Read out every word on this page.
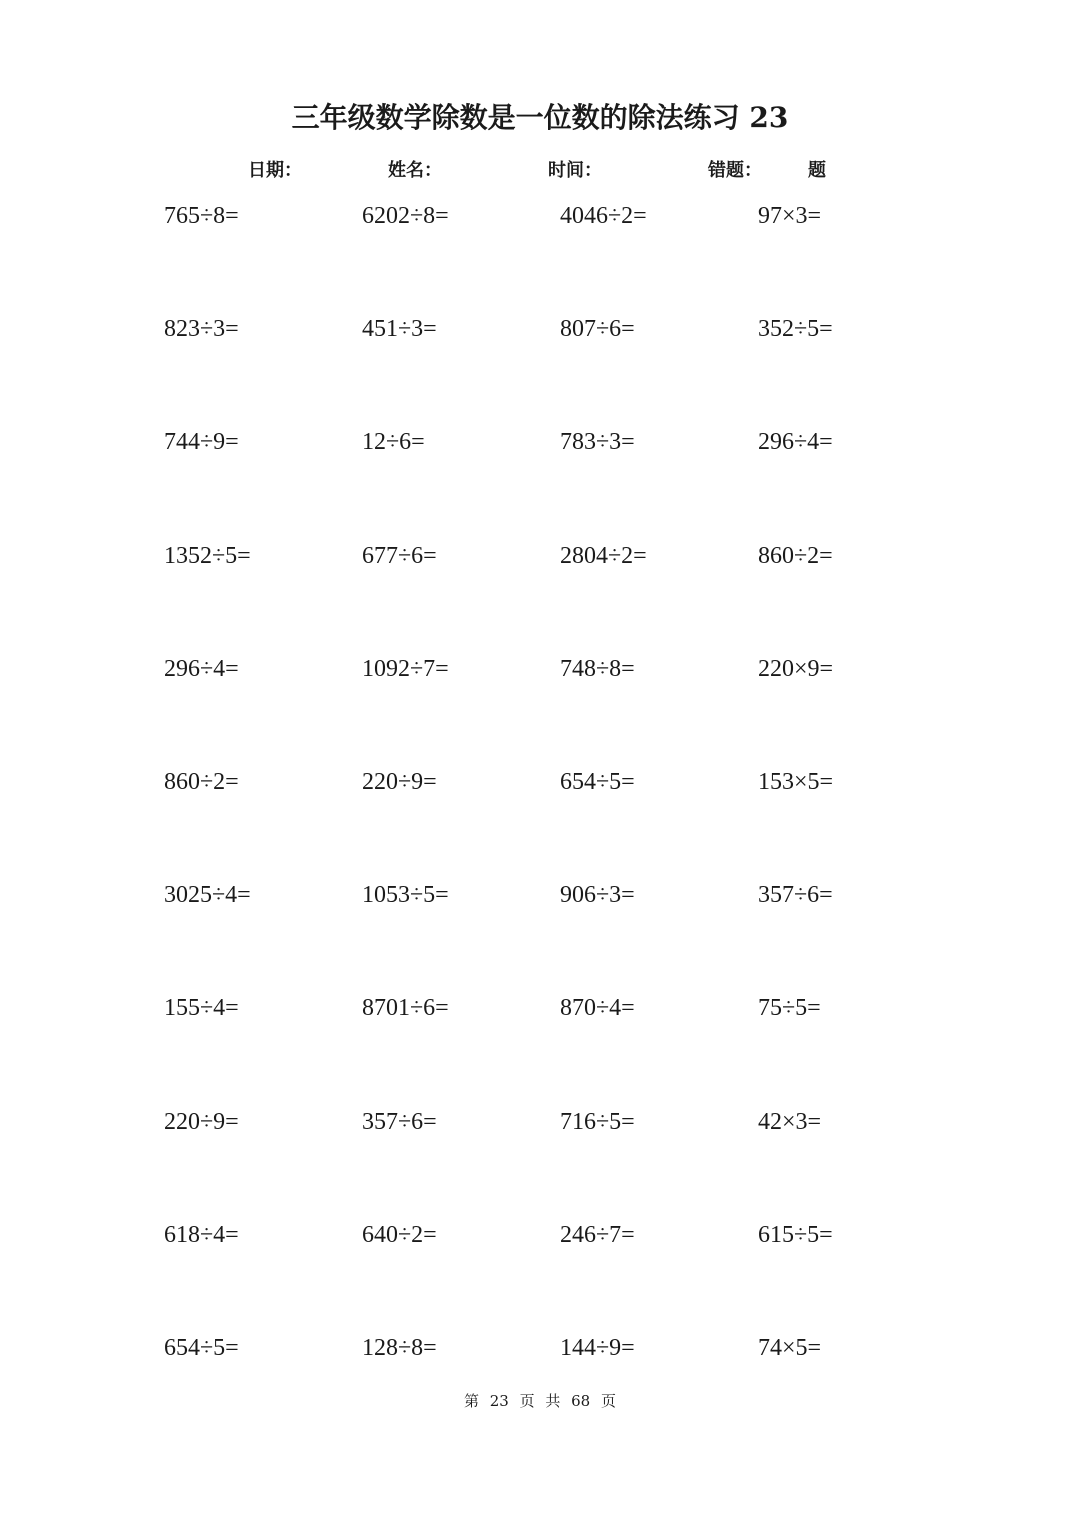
三年级数学除数是一位数的除法练习 23
日期：	姓名：	时间：	错题：	题
765÷8=	6202÷8=	4046÷2=	97×3=
823÷3=	451÷3=	807÷6=	352÷5=
744÷9=	12÷6=	783÷3=	296÷4=
1352÷5=	677÷6=	2804÷2=	860÷2=
296÷4=	1092÷7=	748÷8=	220×9=
860÷2=	220÷9=	654÷5=	153×5=
3025÷4=	1053÷5=	906÷3=	357÷6=
155÷4=	8701÷6=	870÷4=	75÷5=
220÷9=	357÷6=	716÷5=	42×3=
618÷4=	640÷2=	246÷7=	615÷5=
654÷5=	128÷8=	144÷9=	74×5=
第 23 页 共 68 页
